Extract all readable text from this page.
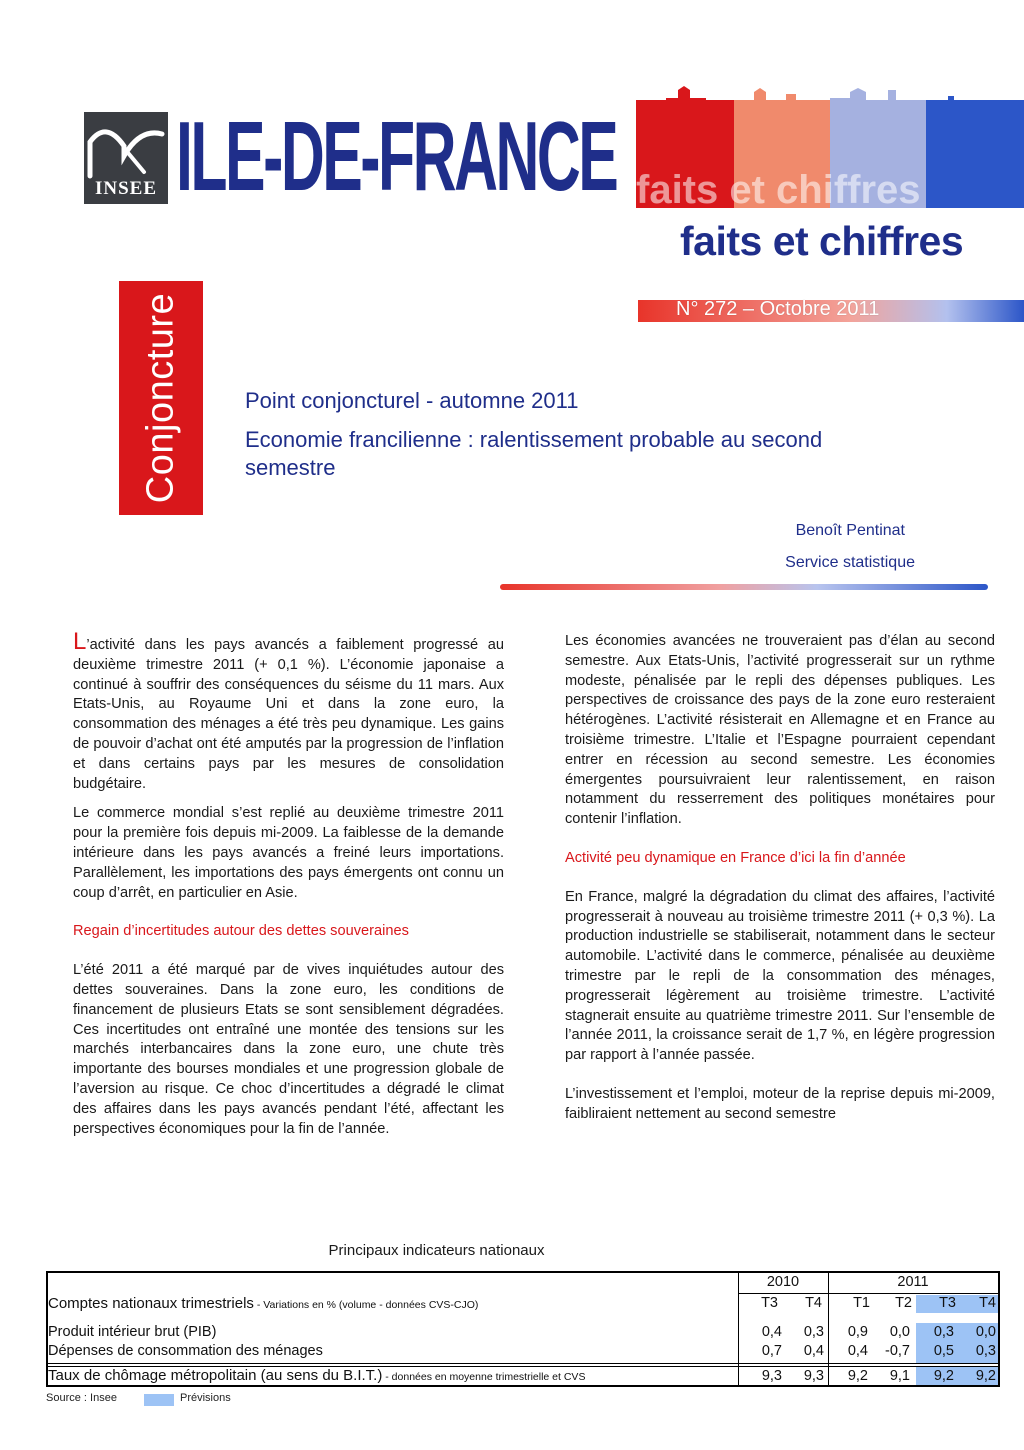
INSEE ILE-DE-FRANCE faits et chiffres
faits et chiffres
N° 272 – Octobre 2011
Conjoncture	Point conjoncturel - automne 2011
Economie francilienne : ralentissement probable au second semestre
Benoît Pentinat
Service statistique

L’activité dans les pays avancés a faiblement progressé au deuxième trimestre 2011 (+ 0,1 %). L’économie japonaise a continué à souffrir des conséquences du séisme du 11 mars. Aux Etats-Unis, au Royaume Uni et dans la zone euro, la consommation des ménages a été très peu dynamique. Les gains de pouvoir d’achat ont été amputés par la progression de l’inflation et dans certains pays par les mesures de consolidation budgétaire.

Le commerce mondial s’est replié au deuxième trimestre 2011 pour la première fois depuis mi-2009. La faiblesse de la demande intérieure dans les pays avancés a freiné leurs importations. Parallèlement, les importations des pays émergents ont connu un coup d’arrêt, en particulier en Asie.

Regain d’incertitudes autour des dettes souveraines

L’été 2011 a été marqué par de vives inquiétudes autour des dettes souveraines. Dans la zone euro, les conditions de financement de plusieurs Etats se sont sensiblement dégradées. Ces incertitudes ont entraîné une montée des tensions sur les marchés interbancaires dans la zone euro, une chute très importante des bourses mondiales et une progression globale de l’aversion au risque. Ce choc d’incertitudes a dégradé le climat des affaires dans les pays avancés pendant l’été, affectant les perspectives économiques pour la fin de l’année.

Les économies avancées ne trouveraient pas d’élan au second semestre. Aux Etats-Unis, l’activité progresserait sur un rythme modeste, pénalisée par le repli des dépenses publiques. Les perspectives de croissance des pays de la zone euro resteraient hétérogènes. L’activité résisterait en Allemagne et en France au troisième trimestre. L’Italie et l’Espagne pourraient cependant entrer en récession au second semestre. Les économies émergentes poursuivraient leur ralentissement, en raison notamment du resserrement des politiques monétaires pour contenir l’inflation.

Activité peu dynamique en France d’ici la fin d’année

En France, malgré la dégradation du climat des affaires, l’activité progresserait à nouveau au troisième trimestre 2011 (+ 0,3 %). La production industrielle se stabiliserait, notamment dans le secteur automobile. L’activité dans le commerce, pénalisée au deuxième trimestre par le repli de la consommation des ménages, progresserait légèrement au troisième trimestre. L’activité stagnerait ensuite au quatrième trimestre 2011. Sur l’ensemble de l’année 2011, la croissance serait de 1,7 %, en légère progression par rapport à l’année passée.

L’investissement et l’emploi, moteur de la reprise depuis mi-2009, faibliraient nettement au second semestre

Principaux indicateurs nationaux
2010	2011
T3	T4	T1	T2	T3	T4
Comptes nationaux trimestriels - Variations en % (volume - données CVS-CJO)
Produit intérieur brut (PIB)	0,4	0,3	0,9	0,0	0,3	0,0
Dépenses de consommation des ménages	0,7	0,4	0,4	-0,7	0,5	0,3
Taux de chômage métropolitain (au sens du B.I.T.) - données en moyenne trimestrielle et CVS	9,3	9,3	9,2	9,1	9,2	9,2
Source : Insee	Prévisions
